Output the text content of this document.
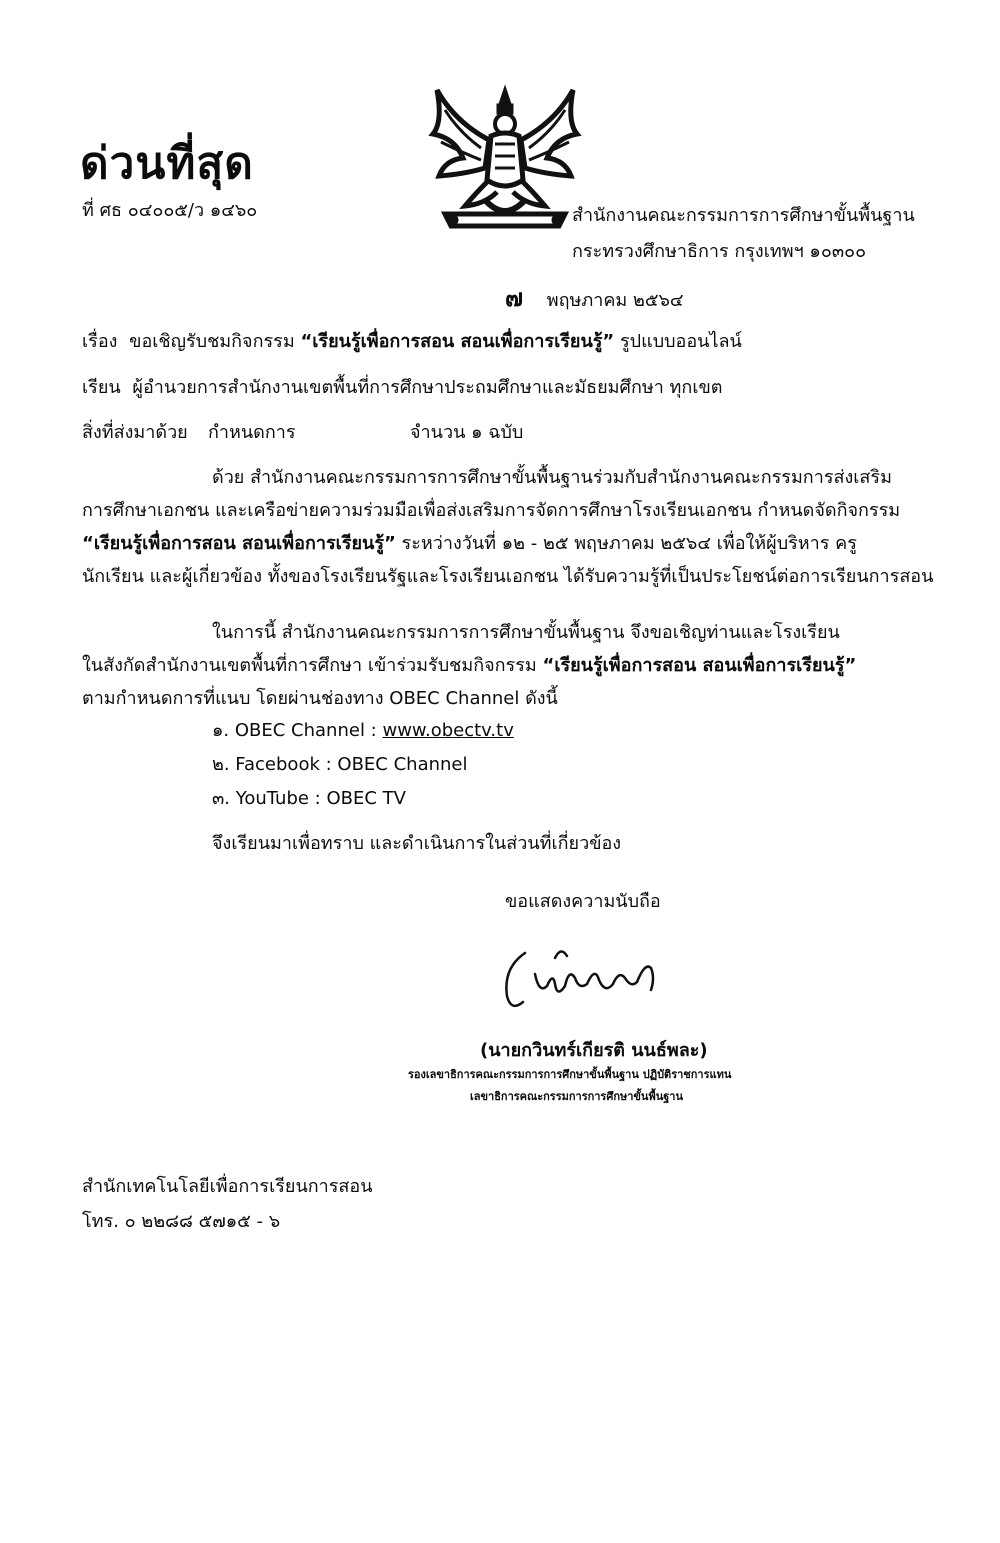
ด่วนที่สุด
ที่ ศธ ๐๔๐๐๕/ว ๑๔๖๐	สำนักงานคณะกรรมการการศึกษาขั้นพื้นฐาน
กระทรวงศึกษาธิการ กรุงเทพฯ ๑๐๓๐๐
๗ พฤษภาคม ๒๕๖๔
เรื่อง ขอเชิญรับชมกิจกรรม “เรียนรู้เพื่อการสอน สอนเพื่อการเรียนรู้” รูปแบบออนไลน์
เรียน ผู้อำนวยการสำนักงานเขตพื้นที่การศึกษาประถมศึกษาและมัธยมศึกษา ทุกเขต
สิ่งที่ส่งมาด้วย กำหนดการ	จำนวน ๑ ฉบับ
ด้วย สำนักงานคณะกรรมการการศึกษาขั้นพื้นฐานร่วมกับสำนักงานคณะกรรมการส่งเสริม
การศึกษาเอกชน และเครือข่ายความร่วมมือเพื่อส่งเสริมการจัดการศึกษาโรงเรียนเอกชน กำหนดจัดกิจกรรม
“เรียนรู้เพื่อการสอน สอนเพื่อการเรียนรู้” ระหว่างวันที่ ๑๒ - ๒๕ พฤษภาคม ๒๕๖๔ เพื่อให้ผู้บริหาร ครู
นักเรียน และผู้เกี่ยวข้อง ทั้งของโรงเรียนรัฐและโรงเรียนเอกชน ได้รับความรู้ที่เป็นประโยชน์ต่อการเรียนการสอน
ในการนี้ สำนักงานคณะกรรมการการศึกษาขั้นพื้นฐาน จึงขอเชิญท่านและโรงเรียน
ในสังกัดสำนักงานเขตพื้นที่การศึกษา เข้าร่วมรับชมกิจกรรม “เรียนรู้เพื่อการสอน สอนเพื่อการเรียนรู้”
ตามกำหนดการที่แนบ โดยผ่านช่องทาง OBEC Channel ดังนี้
๑. OBEC Channel : www.obectv.tv
๒. Facebook : OBEC Channel
๓. YouTube : OBEC TV
จึงเรียนมาเพื่อทราบ และดำเนินการในส่วนที่เกี่ยวข้อง
ขอแสดงความนับถือ
(นายกวินทร์เกียรติ นนธ์พละ)
รองเลขาธิการคณะกรรมการการศึกษาขั้นพื้นฐาน ปฏิบัติราชการแทน
เลขาธิการคณะกรรมการการศึกษาขั้นพื้นฐาน
สำนักเทคโนโลยีเพื่อการเรียนการสอน
โทร. ๐ ๒๒๘๘ ๕๗๑๕ - ๖
